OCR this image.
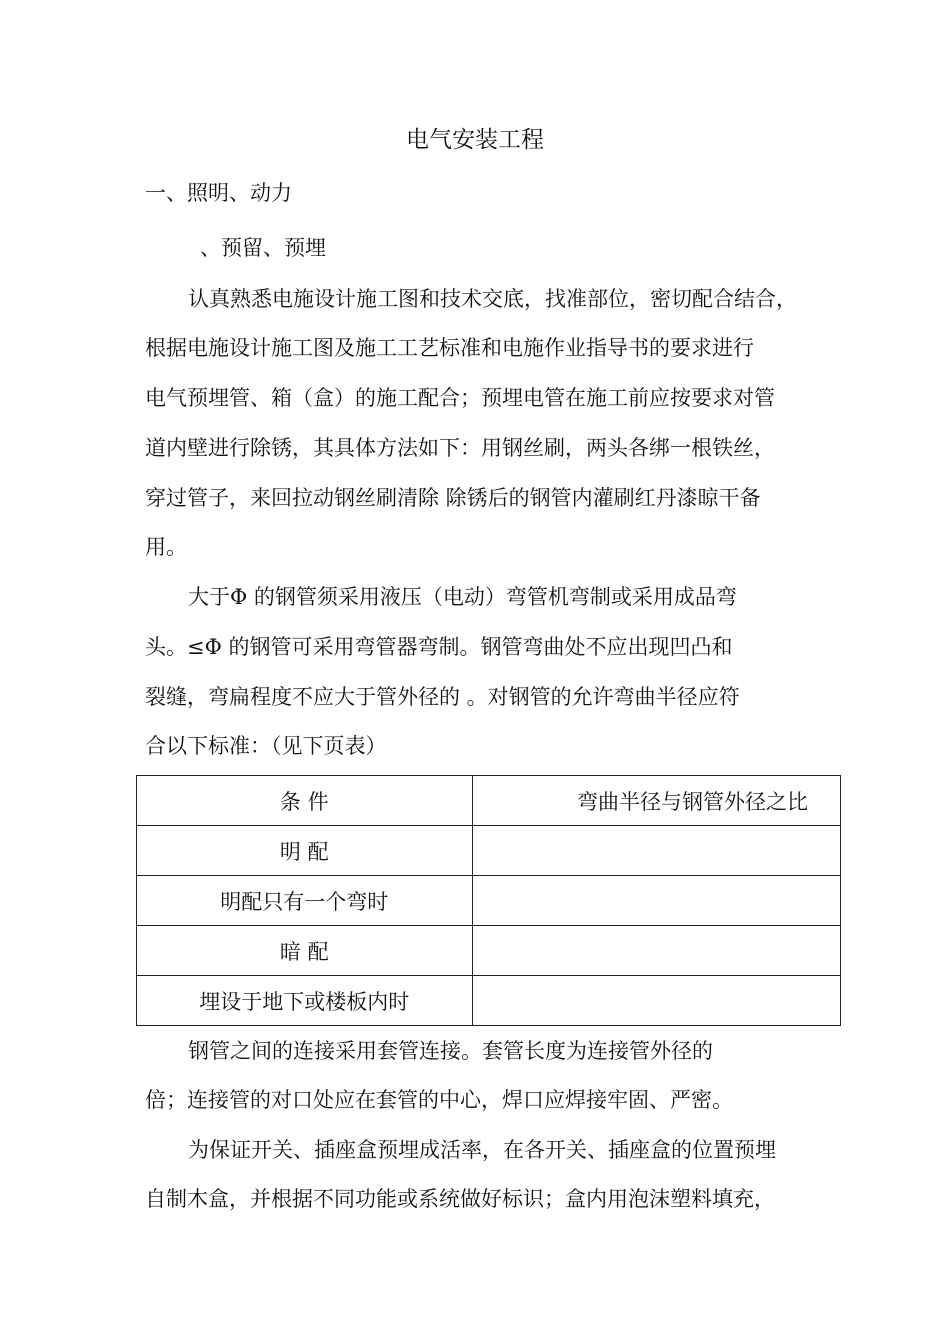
电气安装工程
一、照明、动力
、预留、预埋
认真熟悉电施设计施工图和技术交底，找准部位，密切配合结合，
根据电施设计施工图及施工工艺标准和电施作业指导书的要求进行
电气预埋管、箱（盒）的施工配合；预埋电管在施工前应按要求对管
道内壁进行除锈，其具体方法如下：用钢丝刷，两头各绑一根铁丝，
穿过管子，来回拉动钢丝刷清除 除锈后的钢管内灌刷红丹漆晾干备
用。
大于Φ 的钢管须采用液压（电动）弯管机弯制或采用成品弯
头。≤Φ 的钢管可采用弯管器弯制。钢管弯曲处不应出现凹凸和
裂缝，弯扁程度不应大于管外径的 。对钢管的允许弯曲半径应符
合以下标准：（见下页表）
条 件	弯曲半径与钢管外径之比
明 配	
明配只有一个弯时	
暗 配	
埋设于地下或楼板内时	
钢管之间的连接采用套管连接。套管长度为连接管外径的
倍；连接管的对口处应在套管的中心，焊口应焊接牢固、严密。
为保证开关、插座盒预埋成活率，在各开关、插座盒的位置预埋
自制木盒，并根据不同功能或系统做好标识；盒内用泡沫塑料填充，
